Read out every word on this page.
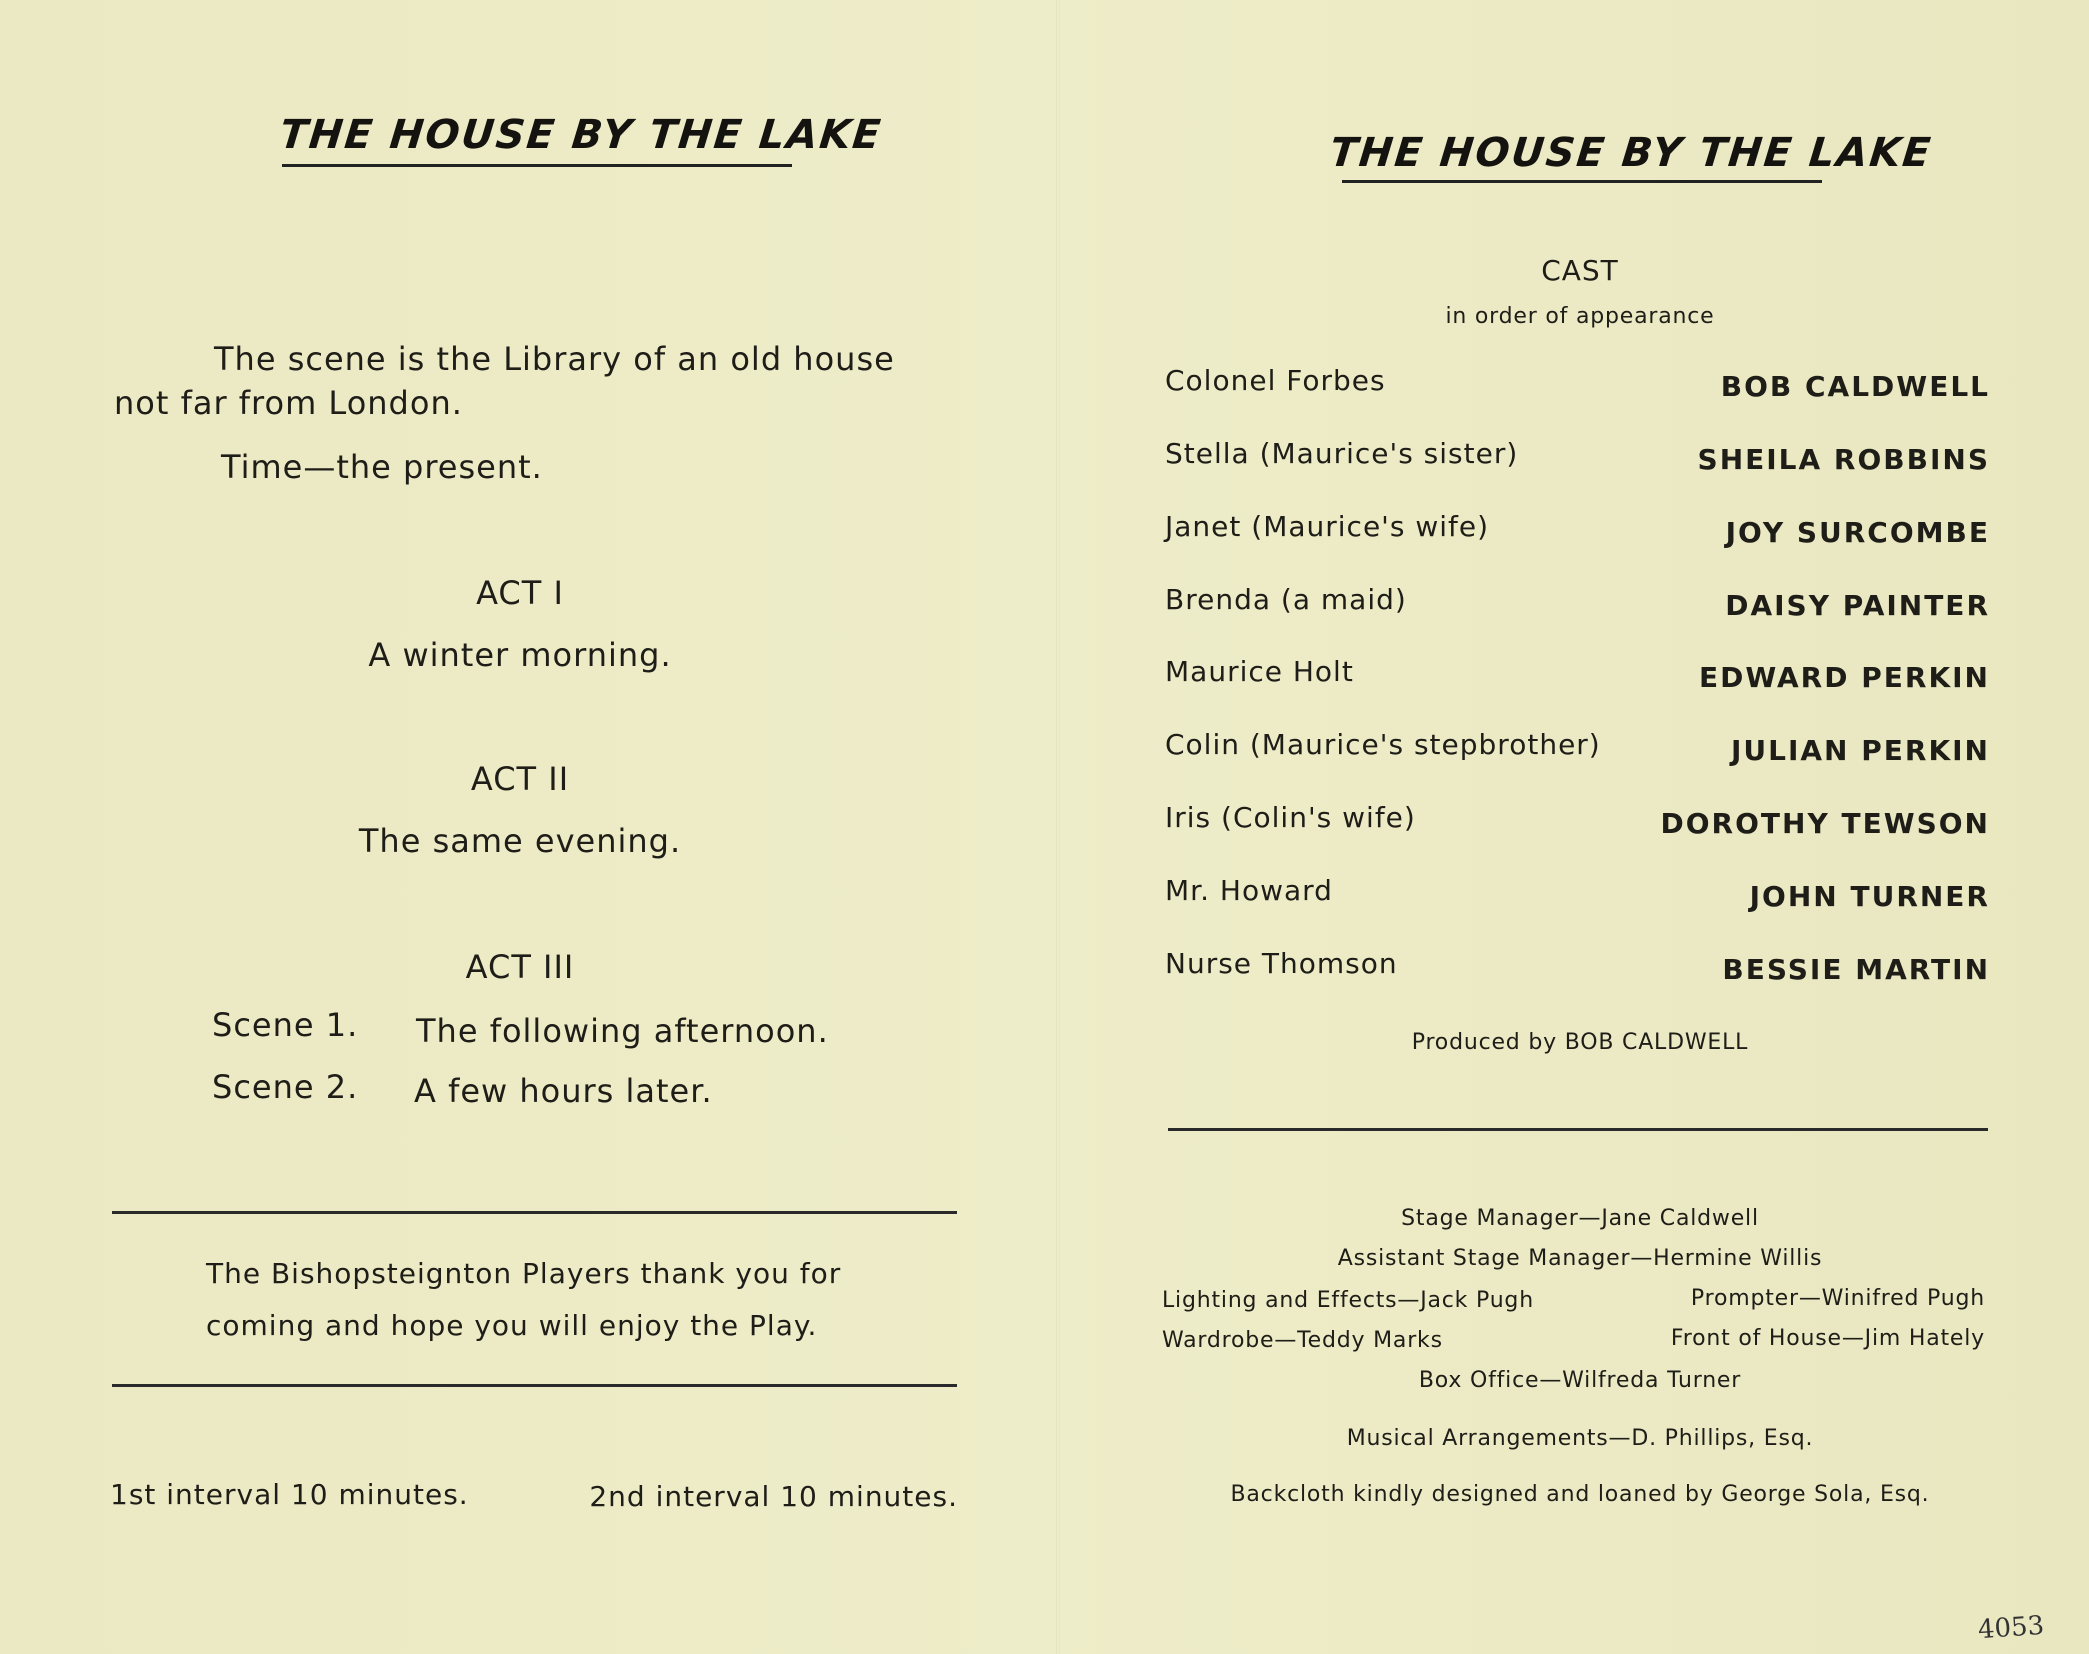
THE HOUSE BY THE LAKE
The scene is the Library of an old house
not far from London.
Time—the present.
ACT I
A winter morning.
ACT II
The same evening.
ACT III
Scene 1. The following afternoon.
Scene 2. A few hours later.
The Bishopsteignton Players thank you for
coming and hope you will enjoy the Play.
1st interval 10 minutes.	2nd interval 10 minutes.
THE HOUSE BY THE LAKE
CAST
in order of appearance
Colonel Forbes	BOB CALDWELL
Stella (Maurice's sister)	SHEILA ROBBINS
Janet (Maurice's wife)	JOY SURCOMBE
Brenda (a maid)	DAISY PAINTER
Maurice Holt	EDWARD PERKIN
Colin (Maurice's stepbrother)	JULIAN PERKIN
Iris (Colin's wife)	DOROTHY TEWSON
Mr. Howard	JOHN TURNER
Nurse Thomson	BESSIE MARTIN
Produced by BOB CALDWELL
Stage Manager—Jane Caldwell
Assistant Stage Manager—Hermine Willis
Lighting and Effects—Jack Pugh	Prompter—Winifred Pugh
Wardrobe—Teddy Marks	Front of House—Jim Hately
Box Office—Wilfreda Turner
Musical Arrangements—D. Phillips, Esq.
Backcloth kindly designed and loaned by George Sola, Esq.
4053
